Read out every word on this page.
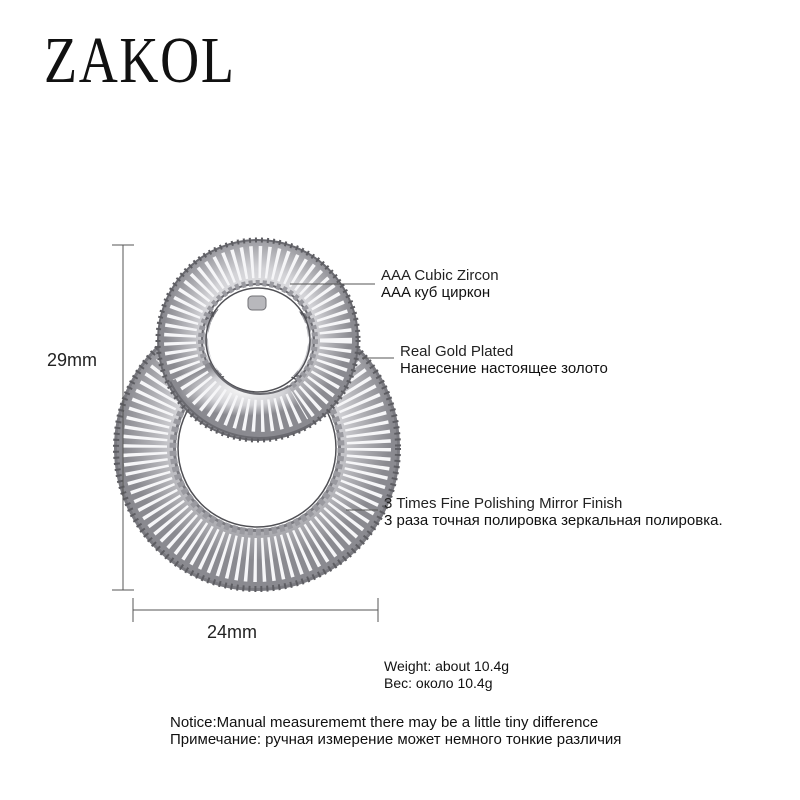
ZAKOL
29mm
24mm
AAA Cubic Zircon
AAA куб циркон
Real Gold Plated
Нанесение настоящее золото
3 Times Fine Polishing Mirror Finish
3 раза точная полировка зеркальная полировка.
Weight: about 10.4g
Вес: около 10.4g
Notice:Manual measurememt there may be a little tiny difference
Примечание: ручная измерение может немного тонкие различия
